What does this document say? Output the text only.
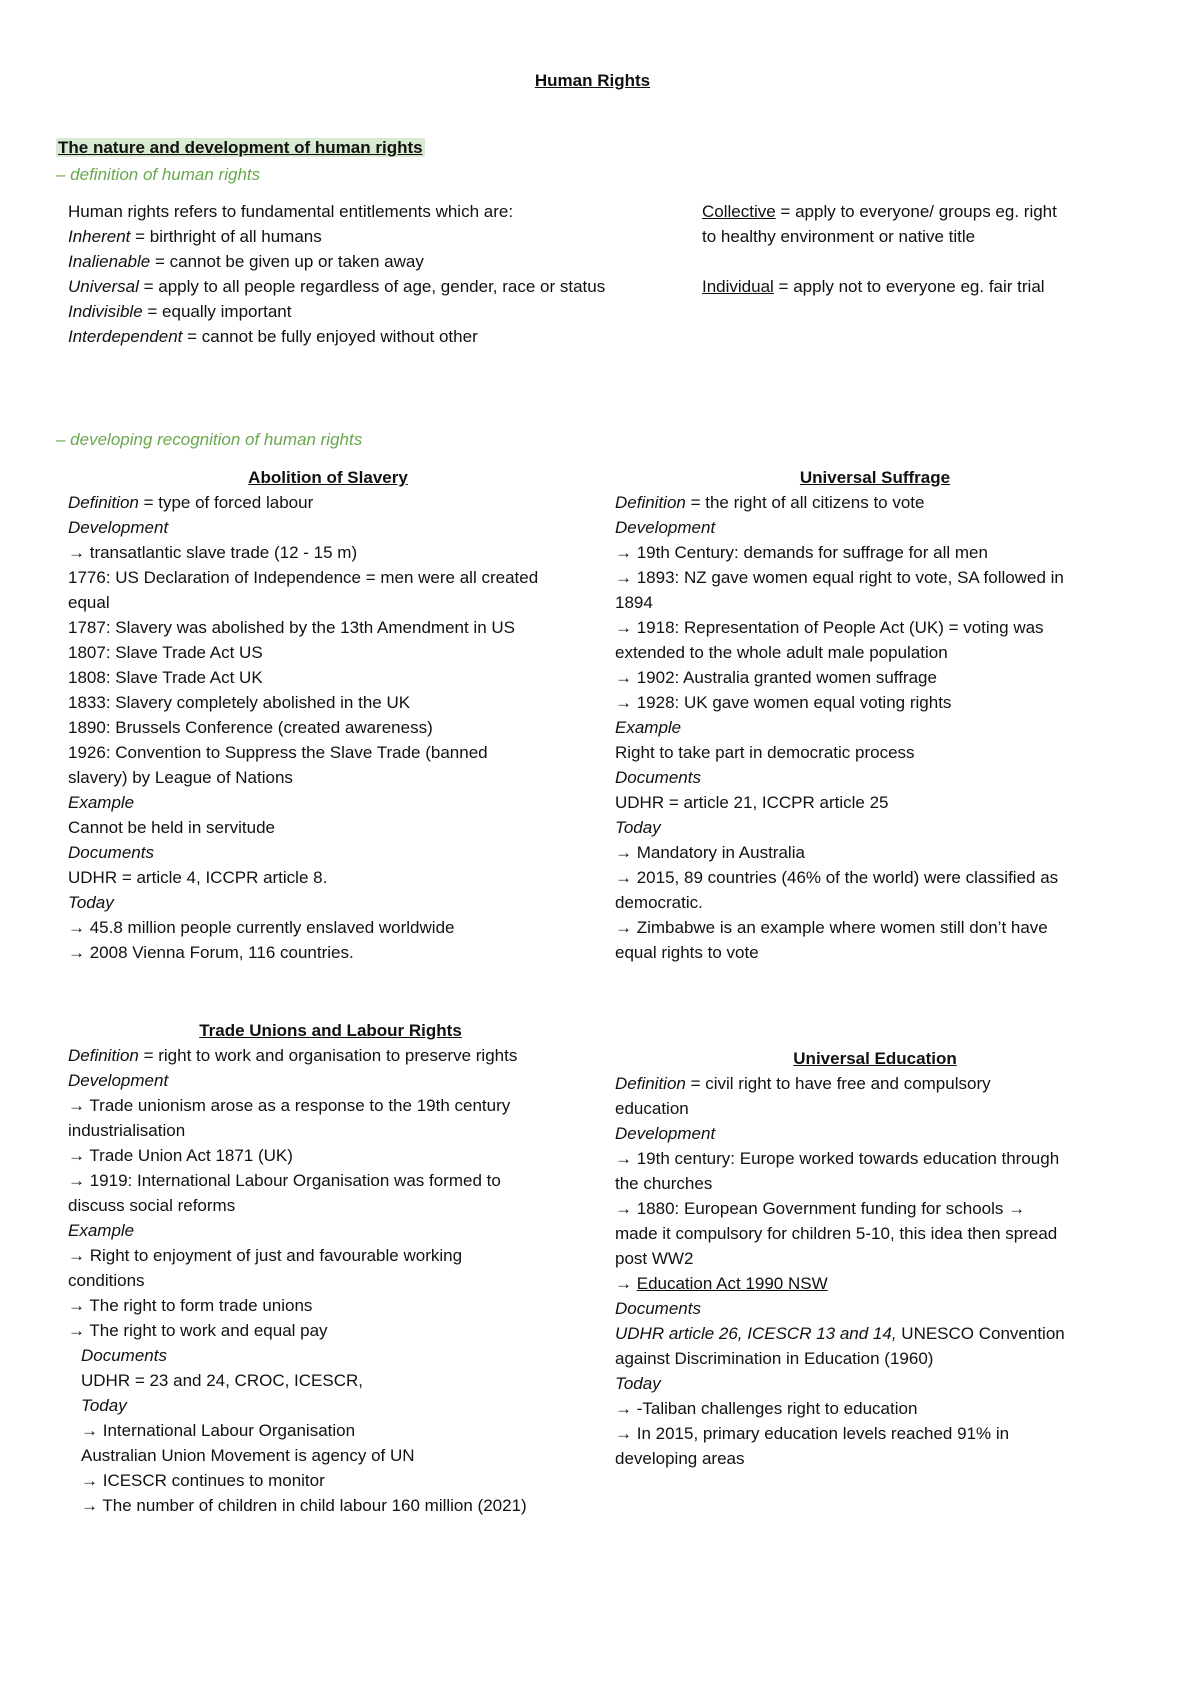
Human Rights
The nature and development of human rights
– definition of human rights
Human rights refers to fundamental entitlements which are:
Inherent = birthright of all humans
Inalienable = cannot be given up or taken away
Universal = apply to all people regardless of age, gender, race or status
Indivisible = equally important
Interdependent = cannot be fully enjoyed without other
Collective = apply to everyone/ groups eg. right
to healthy environment or native title
Individual = apply not to everyone eg. fair trial
– developing recognition of human rights
Abolition of Slavery
Definition = type of forced labour
Development
→ transatlantic slave trade (12 - 15 m)
1776: US Declaration of Independence = men were all created
equal
1787: Slavery was abolished by the 13th Amendment in US
1807: Slave Trade Act US
1808: Slave Trade Act UK
1833: Slavery completely abolished in the UK
1890: Brussels Conference (created awareness)
1926: Convention to Suppress the Slave Trade (banned
slavery) by League of Nations
Example
Cannot be held in servitude
Documents
UDHR = article 4, ICCPR article 8.
Today
→ 45.8 million people currently enslaved worldwide
→ 2008 Vienna Forum, 116 countries.
Universal Suffrage
Definition = the right of all citizens to vote
Development
→ 19th Century: demands for suffrage for all men
→ 1893: NZ gave women equal right to vote, SA followed in
1894
→ 1918: Representation of People Act (UK) = voting was
extended to the whole adult male population
→ 1902: Australia granted women suffrage
→ 1928: UK gave women equal voting rights
Example
Right to take part in democratic process
Documents
UDHR = article 21, ICCPR article 25
Today
→ Mandatory in Australia
→ 2015, 89 countries (46% of the world) were classified as
democratic.
→ Zimbabwe is an example where women still don’t have
equal rights to vote
Trade Unions and Labour Rights
Definition = right to work and organisation to preserve rights
Development
→ Trade unionism arose as a response to the 19th century
industrialisation
→ Trade Union Act 1871 (UK)
→ 1919: International Labour Organisation was formed to
discuss social reforms
Example
→ Right to enjoyment of just and favourable working
conditions
→ The right to form trade unions
→ The right to work and equal pay
Documents
UDHR = 23 and 24, CROC, ICESCR,
Today
→ International Labour Organisation
Australian Union Movement is agency of UN
→ ICESCR continues to monitor
→ The number of children in child labour 160 million (2021)
Universal Education
Definition = civil right to have free and compulsory
education
Development
→ 19th century: Europe worked towards education through
the churches
→ 1880: European Government funding for schools →
made it compulsory for children 5-10, this idea then spread
post WW2
→ Education Act 1990 NSW
Documents
UDHR article 26, ICESCR 13 and 14, UNESCO Convention
against Discrimination in Education (1960)
Today
→ -Taliban challenges right to education
→ In 2015, primary education levels reached 91% in
developing areas
